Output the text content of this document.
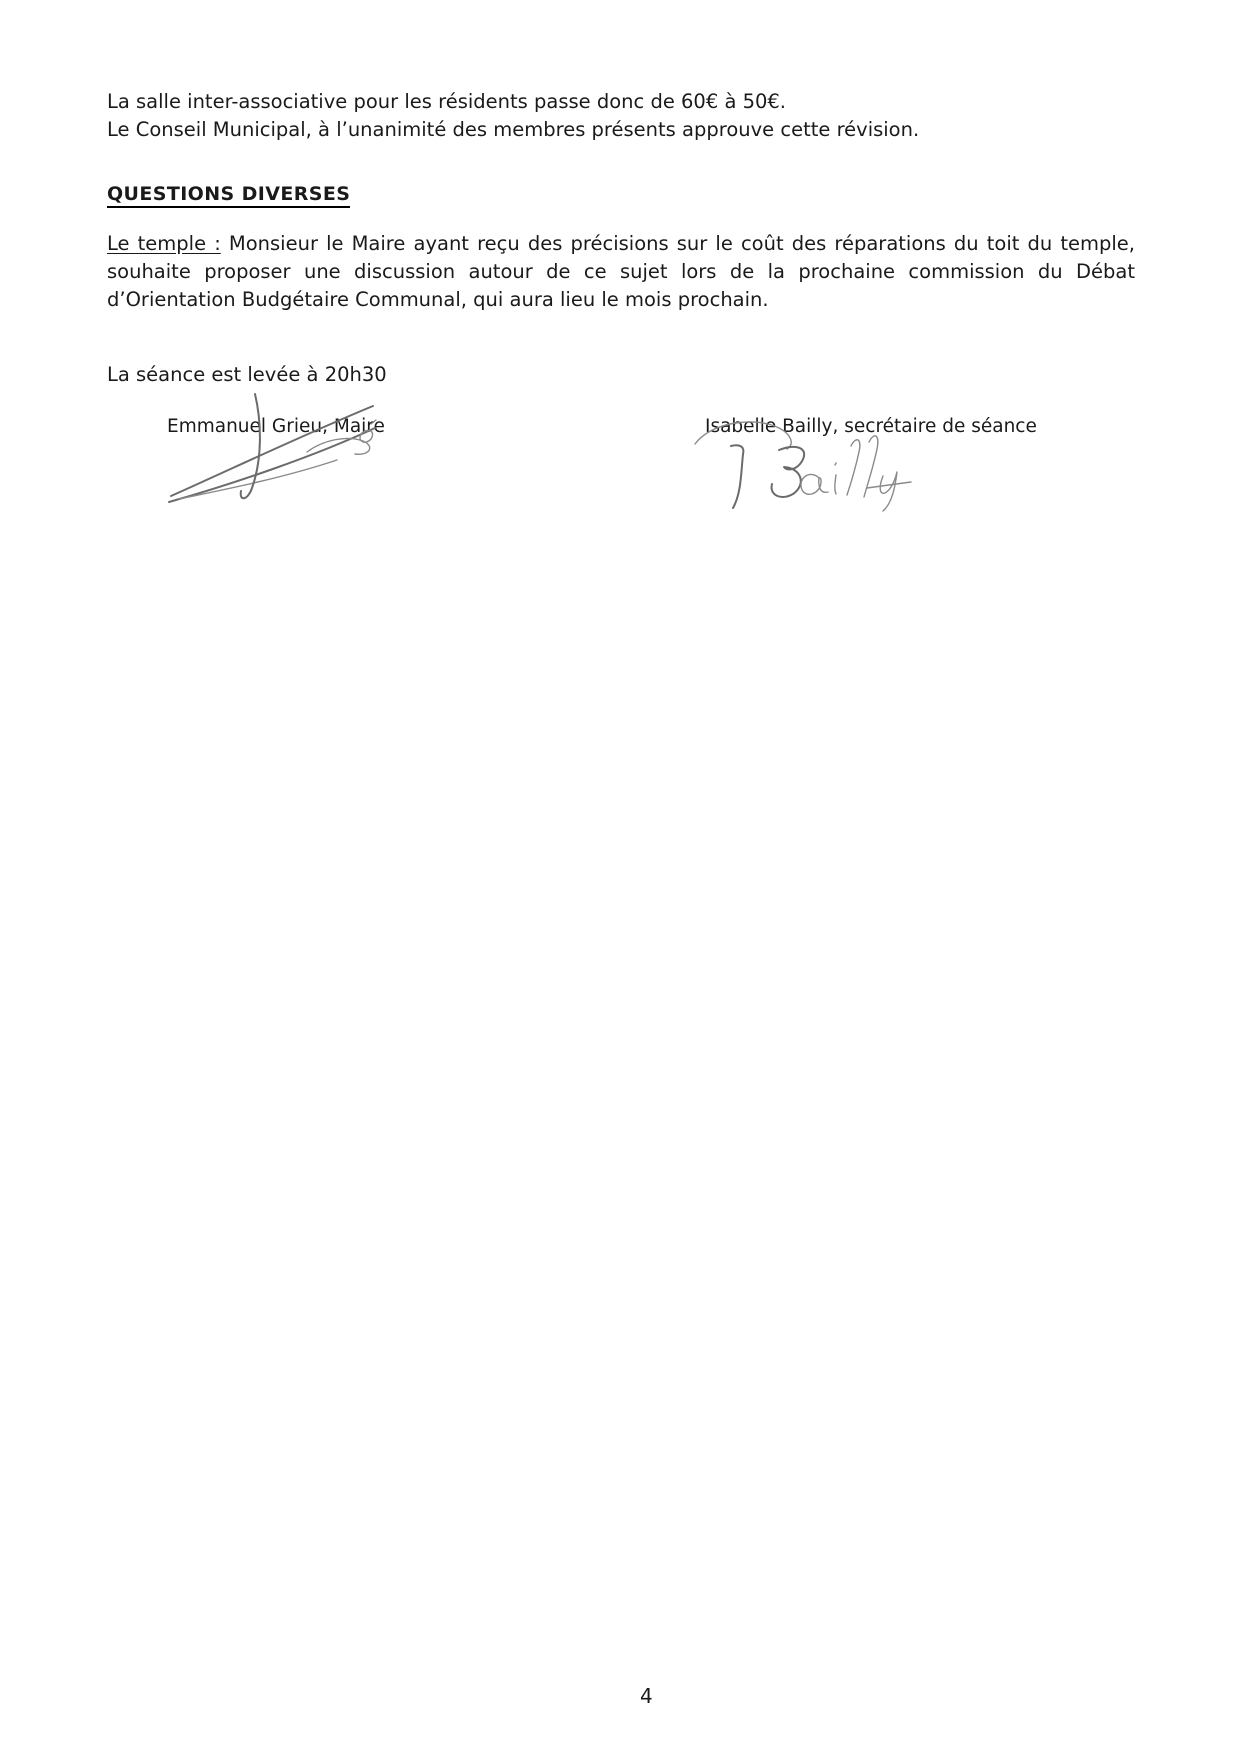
La salle inter-associative pour les résidents passe donc de 60€ à 50€.
Le Conseil Municipal, à l’unanimité des membres présents approuve cette révision.
QUESTIONS DIVERSES
Le temple : Monsieur le Maire ayant reçu des précisions sur le coût des réparations du toit du temple,
souhaite proposer une discussion autour de ce sujet lors de la prochaine commission du Débat
d’Orientation Budgétaire Communal, qui aura lieu le mois prochain.
La séance est levée à 20h30
Emmanuel Grieu, Maire	Isabelle Bailly, secrétaire de séance
4
